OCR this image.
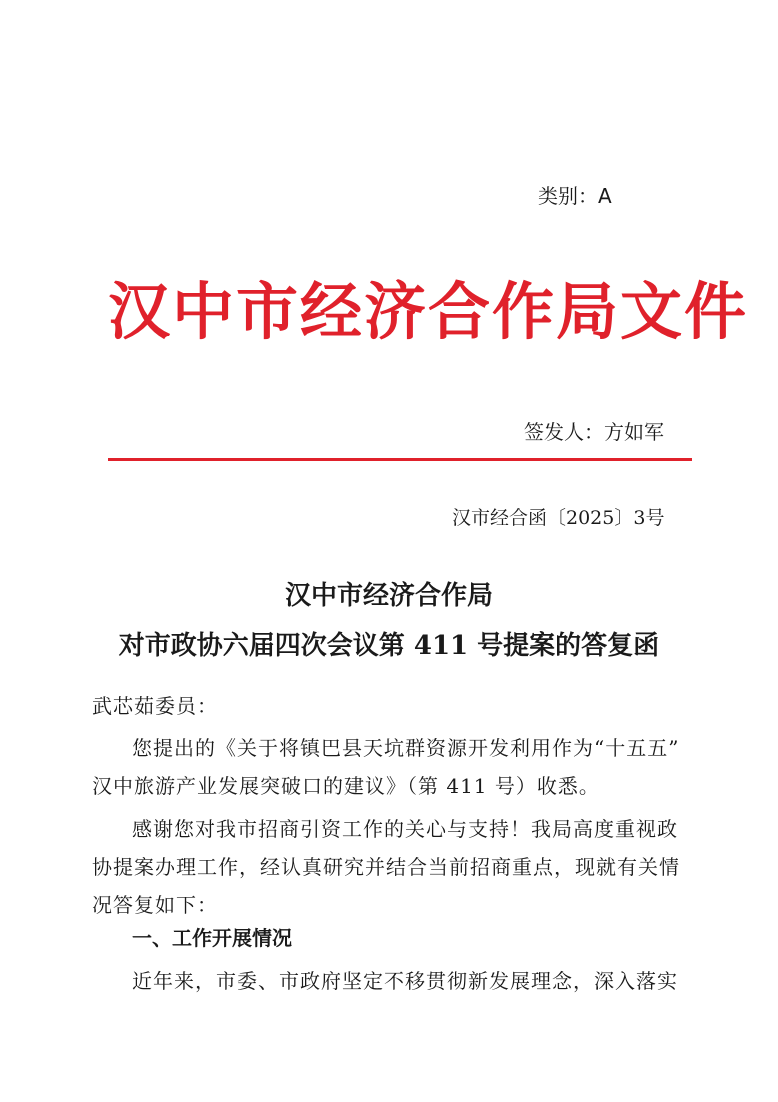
类别：A
汉中市经济合作局文件
签发人：方如军
汉市经合函〔2025〕3号
汉中市经济合作局
对市政协六届四次会议第 411 号提案的答复函
武芯茹委员：
您提出的《关于将镇巴县天坑群资源开发利用作为“十五五”
汉中旅游产业发展突破口的建议》（第 411 号）收悉。
感谢您对我市招商引资工作的关心与支持！我局高度重视政
协提案办理工作，经认真研究并结合当前招商重点，现就有关情
况答复如下：
一、工作开展情况
近年来，市委、市政府坚定不移贯彻新发展理念，深入落实
